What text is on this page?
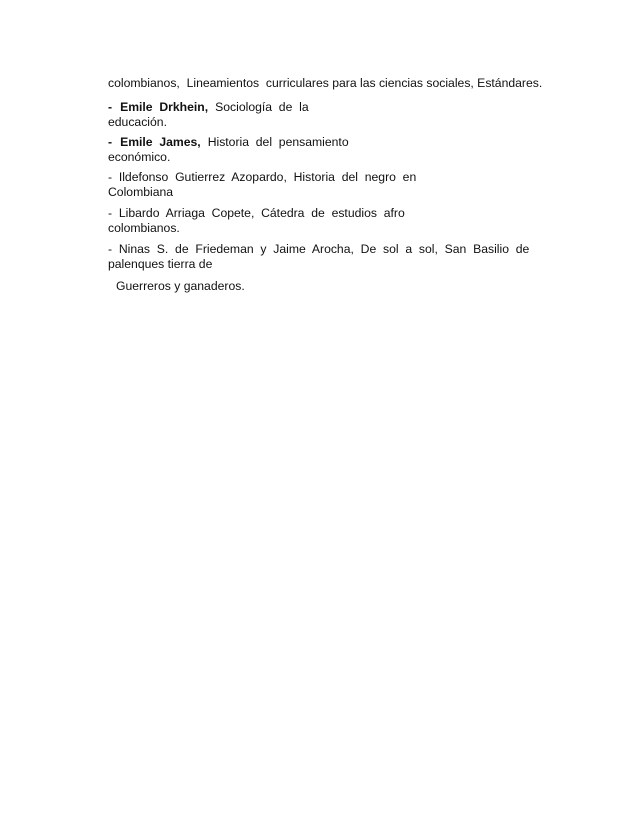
colombianos,  Lineamientos  curriculares para las ciencias sociales, Estándares.
- Emile  Drkhein, Sociología  de  la
educación.
- Emile  James, Historia  del  pensamiento
económico.
-  Ildefonso  Gutierrez  Azopardo,  Historia  del  negro  en
Colombiana
-  Libardo  Arriaga  Copete,  Cátedra  de  estudios  afro
colombianos.
-  Ninas  S.  de  Friedeman  y  Jaime  Arocha,  De  sol  a  sol,  San  Basilio  de
palenques tierra de
Guerreros y ganaderos.
